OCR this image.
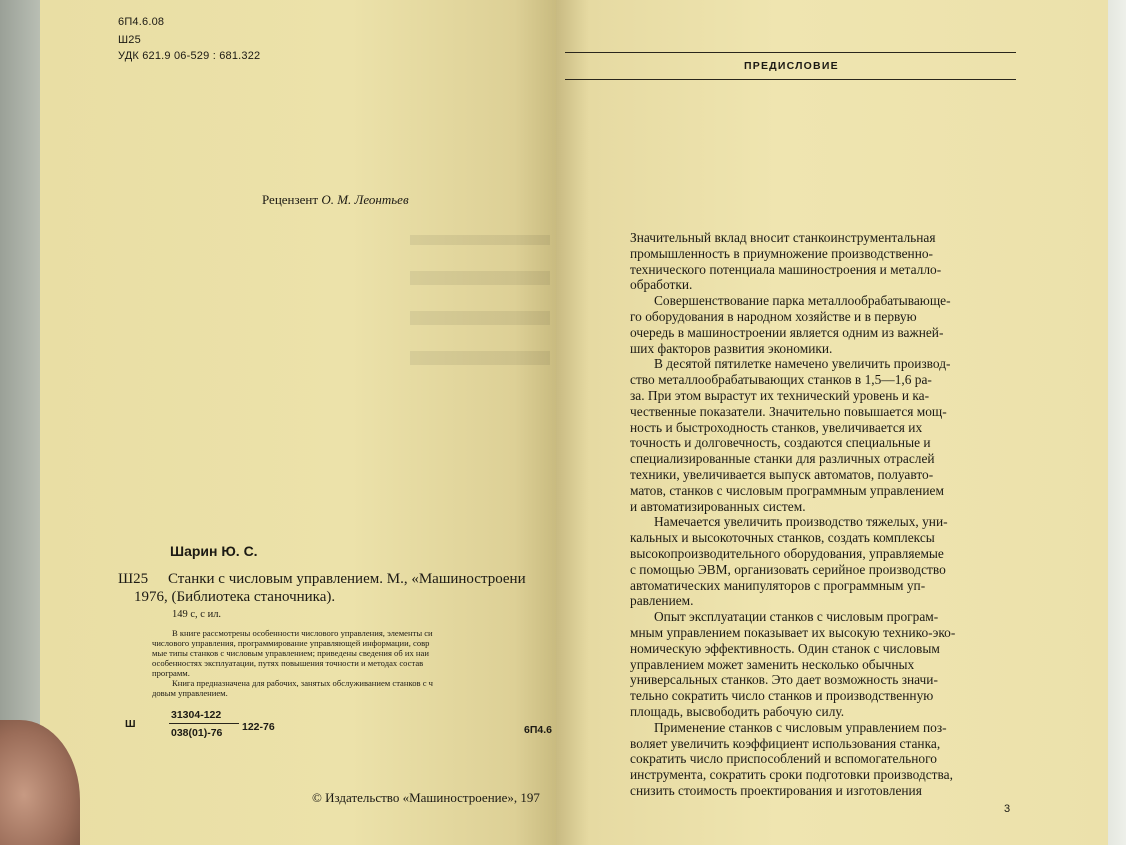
6П4.6.08
Ш25
УДК 621.9 06-529 : 681.322
Рецензент О. М. Леонтьев
Шарин Ю. С.
Ш25 Станки с числовым управлением. М., «Машиностроени
1976, (Библиотека станочника).
149 с, с ил.
В книге рассмотрены особенности числового управления, элементы си
числового управления, программирование управляющей информации, совр
мые типы станков с числовым управлением; приведены сведения об их наи
особенностях эксплуатации, путях повышения точности и методах состав
программ.
Книга предназначена для рабочих, занятых обслуживанием станков с ч
довым управлением.
Ш
31304-122
038(01)-76 122-76	6П4.6
© Издательство «Машиностроение», 197
ПРЕДИСЛОВИЕ

Значительный вклад вносит станкоинструментальная
промышленность в приумножение производственно-
технического потенциала машиностроения и металло-
обработки.

Совершенствование парка металлообрабатывающе-
го оборудования в народном хозяйстве и в первую
очередь в машиностроении является одним из важней-
ших факторов развития экономики.

В десятой пятилетке намечено увеличить производ-
ство металлообрабатывающих станков в 1,5—1,6 ра-
за. При этом вырастут их технический уровень и ка-
чественные показатели. Значительно повышается мощ-
ность и быстроходность станков, увеличивается их
точность и долговечность, создаются специальные и
специализированные станки для различных отраслей
техники, увеличивается выпуск автоматов, полуавто-
матов, станков с числовым программным управлением
и автоматизированных систем.

Намечается увеличить производство тяжелых, уни-
кальных и высокоточных станков, создать комплексы
высокопроизводительного оборудования, управляемые
с помощью ЭВМ, организовать серийное производство
автоматических манипуляторов с программным уп-
равлением.

Опыт эксплуатации станков с числовым програм-
мным управлением показывает их высокую технико-эко-
номическую эффективность. Один станок с числовым
управлением может заменить несколько обычных
универсальных станков. Это дает возможность значи-
тельно сократить число станков и производственную
площадь, высвободить рабочую силу.

Применение станков с числовым управлением поз-
воляет увеличить коэффициент использования станка,
сократить число приспособлений и вспомогательного
инструмента, сократить сроки подготовки производства,
снизить стоимость проектирования и изготовления

3
